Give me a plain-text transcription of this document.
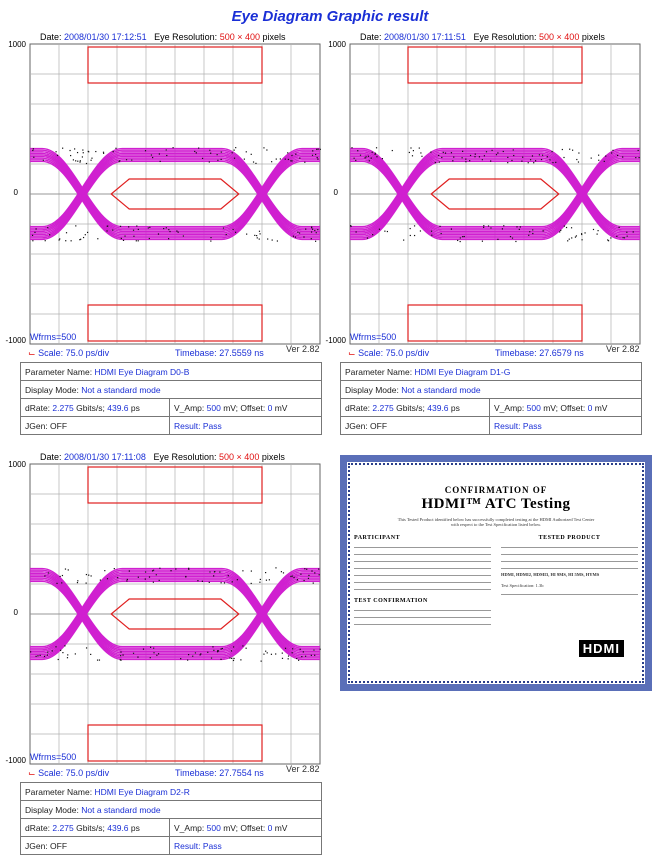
Eye Diagram Graphic result
Date: 2008/01/30 17:12:51 Eye Resolution: 500 × 400 pixels
1000
0
-1000 Wfrms=500
⌙ Scale: 75.0 ps/div	Timebase: 27.5559 ns Ver 2.82
Parameter Name: HDMI Eye Diagram D0-B	
Display Mode: Not a standard mode	
dRate: 2.275 Gbits/s; 439.6 ps	V_Amp: 500 mV; Offset: 0 mV
JGen: OFF	Result: Pass
Date: 2008/01/30 17:11:51 Eye Resolution: 500 × 400 pixels
1000
0
-1000 Wfrms=500
⌙ Scale: 75.0 ps/div	Timebase: 27.6579 ns Ver 2.82
Parameter Name: HDMI Eye Diagram D1-G	
Display Mode: Not a standard mode	
dRate: 2.275 Gbits/s; 439.6 ps	V_Amp: 500 mV; Offset: 0 mV
JGen: OFF	Result: Pass
Date: 2008/01/30 17:11:08 Eye Resolution: 500 × 400 pixels
1000
0
-1000 Wfrms=500
⌙ Scale: 75.0 ps/div	Timebase: 27.7554 ns Ver 2.82
Parameter Name: HDMI Eye Diagram D2-R	
Display Mode: Not a standard mode	
dRate: 2.275 Gbits/s; 439.6 ps	V_Amp: 500 mV; Offset: 0 mV
JGen: OFF	Result: Pass
CONFIRMATION OF
HDMI™ ATC Testing
This Tested Product identified below has successfully completed testing at the HDMI Authorized Test Center with respect to the Test Specification listed below.
PARTICIPANT
TEST CONFIRMATION
TESTED PRODUCT
HDMI, HDMI2, HDMI3, HI 9MS, HI 5MS, HYMS
Test Specification: 1.3b
HDMI
